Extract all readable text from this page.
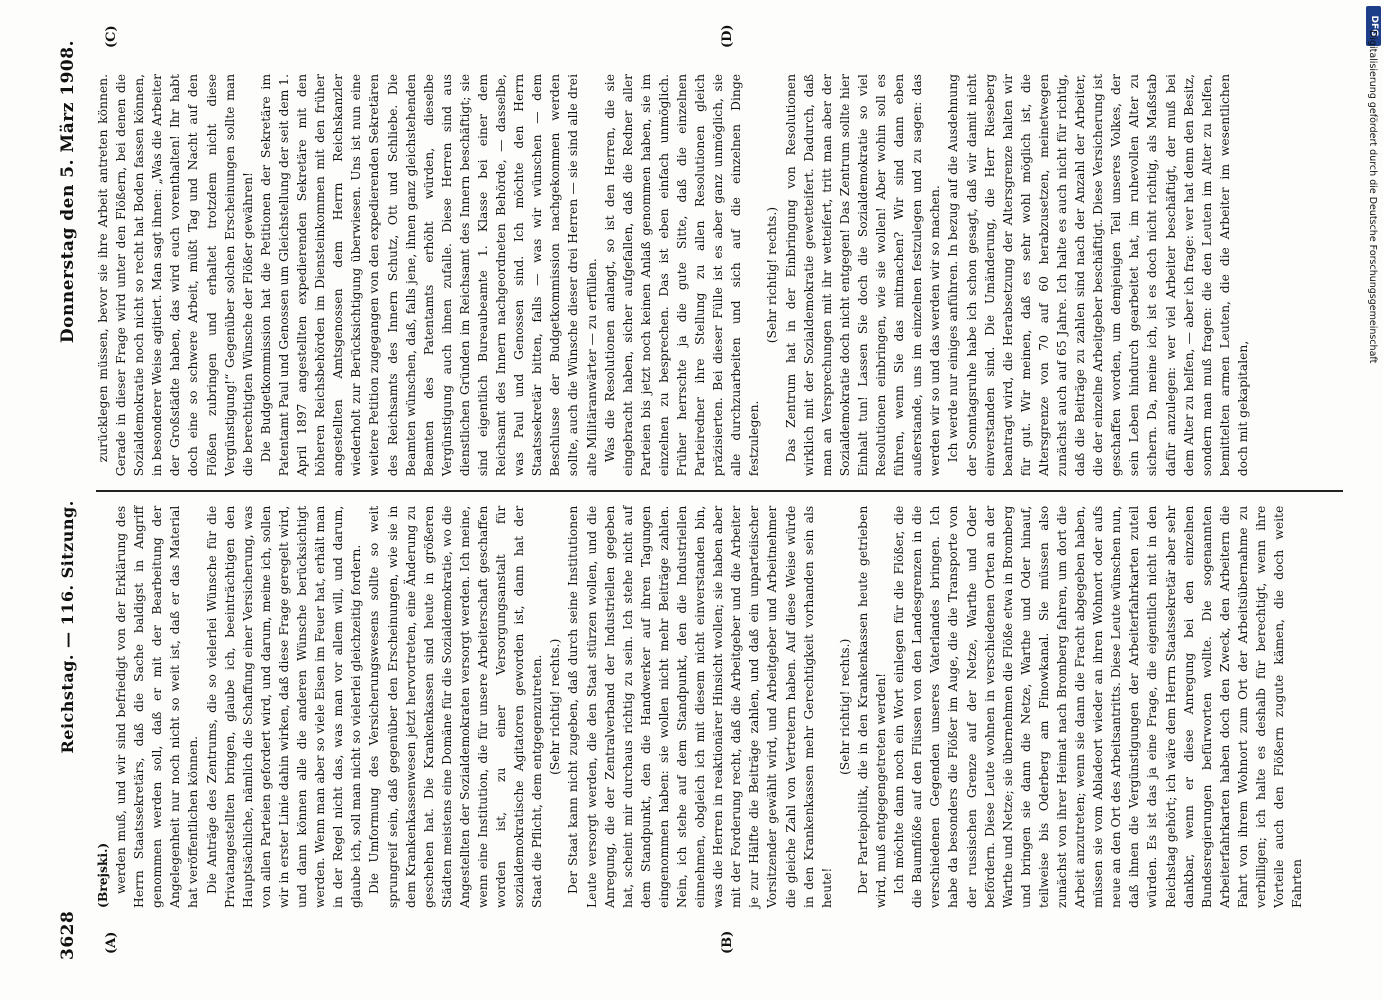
3628
Reichstag. — 116. Sitzung.
Donnerstag den 5. März 1908.
(A)	(B)
(C)	(D)

(Brejski.) werden muß, und wir sind befriedigt von der Erklärung des Herrn Staatssekretärs, daß die Sache baldigst in Angriff genommen werden soll, daß er mit der Bearbeitung der Angelegenheit nur noch nicht so weit ist, daß er das Material hat veröffentlichen können. Die Anträge des Zentrums, die so vielerlei Wünsche für die Privatangestellten bringen, glaube ich, beeinträchtigen den Hauptsächliche, nämlich die Schaffung einer Versicherung, was von allen Parteien gefordert wird, und darum, meine ich, sollen wir in erster Linie dahin wirken, daß diese Frage geregelt wird, und dann können alle die anderen Wünsche berücksichtigt werden. Wenn man aber so viele Eisen im Feuer hat, erhält man in der Regel nicht das, was man vor allem will, und darum, glaube ich, soll man nicht so vielerlei gleichzeitig fordern. Die Umformung des Versicherungswesens sollte so weit sprungreif sein, daß gegenüber den Erscheinungen, wie sie in dem Krankenkassenwesen jetzt hervortreten, eine Änderung zu geschehen hat. Die Krankenkassen sind heute in größeren Städten meistens eine Domäne für die Sozialdemokratie, wo die Angestellten der Sozialdemokraten versorgt werden. Ich meine, wenn eine Institution, die für unsere Arbeiterschaft geschaffen worden ist, zu einer Versorgungsanstalt für sozialdemokratische Agitatoren geworden ist, dann hat der Staat die Pflicht, dem entgegenzutreten. (Sehr richtig! rechts.) Der Staat kann nicht zugeben, daß durch seine Institutionen Leute versorgt werden, die den Staat stürzen wollen, und die Anregung, die der Zentralverband der Industriellen gegeben hat, scheint mir durchaus richtig zu sein. Ich stehe nicht auf dem Standpunkt, den die Handwerker auf ihren Tagungen eingenommen haben: sie wollen nicht mehr Beiträge zahlen. Nein, ich stehe auf dem Standpunkt, den die Industriellen einnehmen, obgleich ich mit diesem nicht einverstanden bin, was die Herren in reaktionärer Hinsicht wollen; sie haben aber mit der Forderung recht, daß die Arbeitgeber und die Arbeiter je zur Hälfte die Beiträge zahlen, und daß ein unparteiischer Vorsitzender gewählt wird, und Arbeitgeber und Arbeitnehmer die gleiche Zahl von Vertretern haben. Auf diese Weise würde in den Krankenkassen mehr Gerechtigkeit vorhanden sein als heute!

(Sehr richtig! rechts.) Der Parteipolitik, die in den Krankenkassen heute getrieben wird, muß entgegengetreten werden! Ich möchte dann noch ein Wort einlegen für die Flößer, die die Baumflöße auf den Flüssen von den Landesgrenzen in die verschiedenen Gegenden unseres Vaterlandes bringen. Ich habe da besonders die Flößer im Auge, die die Transporte von der russischen Grenze auf der Netze, Warthe und Oder befördern. Diese Leute wohnen in verschiedenen Orten an der Warthe und Netze; sie übernehmen die Flöße etwa in Bromberg und bringen sie dann die Netze, Warthe und Oder hinauf, teilweise bis Oderberg am Finowkanal. Sie müssen also zunächst von ihrer Heimat nach Bromberg fahren, um dort die Arbeit anzutreten; wenn sie dann die Fracht abgegeben haben, müssen sie vom Abladeort wieder an ihren Wohnort oder aufs neue an den Ort des Arbeitsantritts. Diese Leute wünschen nun, daß ihnen die Vergünstigungen der Arbeiterfahrkarten zuteil würden. Es ist das ja eine Frage, die eigentlich nicht in den Reichstag gehört; ich wäre dem Herrn Staatssekretär aber sehr dankbar, wenn er diese Anregung bei den einzelnen Bundesregierungen befürworten wollte. Die sogenannten Arbeiterfahrkarten haben doch den Zweck, den Arbeitern die Fahrt von ihrem Wohnort zum Ort der Arbeitsübernahme zu verbilligen; ich halte es deshalb für berechtigt, wenn ihre Vorteile auch den Flößern zugute kämen, die doch weite Fahrten

zurücklegen müssen, bevor sie ihre Arbeit antreten können. Gerade in dieser Frage wird unter den Flößern, bei denen die Sozialdemokratie noch nicht so recht hat Boden fassen können, in besonderer Weise agitiert. Man sagt ihnen: „Was die Arbeiter der Großstädte haben, das wird euch vorenthalten! Ihr habt doch eine so schwere Arbeit, müßt Tag und Nacht auf den Flößen zubringen und erhaltet trotzdem nicht diese Vergünstigung!“ Gegenüber solchen Erscheinungen sollte man die berechtigten Wünsche der Flößer gewähren! Die Budgetkommission hat die Petitionen der Sekretäre im Patentamt Paul und Genossen um Gleichstellung der seit dem 1. April 1897 angestellten expedierenden Sekretäre mit den höheren Reichsbehörden im Diensteinkommen mit den früher angestellten Amtsgenossen dem Herrn Reichskanzler wiederholt zur Berücksichtigung überwiesen. Uns ist nun eine weitere Petition zugegangen von den expedierenden Sekretären des Reichsamts des Innern Schutz, Ott und Schliebe. Die Beamten wünschen, daß, falls jene, ihnen ganz gleichstehenden Beamten des Patentamts erhöht würden, dieselbe Vergünstigung auch ihnen zufalle. Diese Herren sind aus dienstlichen Gründen im Reichsamt des Innern beschäftigt; sie sind eigentlich Bureaubeamte 1. Klasse bei einer dem Reichsamt des Innern nachgeordneten Behörde, — dasselbe, was Paul und Genossen sind. Ich möchte den Herrn Staatssekretär bitten, falls — was wir wünschen — dem Beschlusse der Budgetkommission nachgekommen werden sollte, auch die Wünsche dieser drei Herren — sie sind alle drei alte Militäranwärter — zu erfüllen. Was die Resolutionen anlangt, so ist den Herren, die sie eingebracht haben, sicher aufgefallen, daß die Redner aller Parteien bis jetzt noch keinen Anlaß genommen haben, sie im einzelnen zu besprechen. Das ist eben einfach unmöglich. Früher herrschte ja die gute Sitte, daß die einzelnen Parteiredner ihre Stellung zu allen Resolutionen gleich präzisierten. Bei dieser Fülle ist es aber ganz unmöglich, sie alle durchzuarbeiten und sich auf die einzelnen Dinge festzulegen.

(Sehr richtig! rechts.) Das Zentrum hat in der Einbringung von Resolutionen wirklich mit der Sozialdemokratie gewetteifert. Dadurch, daß man an Versprechungen mit ihr wetteifert, tritt man aber der Sozialdemokratie doch nicht entgegen! Das Zentrum sollte hier Einhalt tun! Lassen Sie doch die Sozialdemokratie so viel Resolutionen einbringen, wie sie wollen! Aber wohin soll es führen, wenn Sie das mitmachen? Wir sind dann eben außerstande, uns im einzelnen festzulegen und zu sagen: das werden wir so und das werden wir so machen. Ich werde nur einiges anführen. In bezug auf die Ausdehnung der Sonntagsruhe habe ich schon gesagt, daß wir damit nicht einverstanden sind. Die Umänderung, die Herr Rieseberg beantragt wird, die Herabsetzung der Altersgrenze halten wir für gut. Wir meinen, daß es sehr wohl möglich ist, die Altersgrenze von 70 auf 60 herabzusetzen, meinetwegen zunächst auch auf 65 Jahre. Ich halte es auch nicht für richtig, daß die Beiträge zu zahlen sind nach der Anzahl der Arbeiter, die der einzelne Arbeitgeber beschäftigt. Diese Versicherung ist geschaffen worden, um demjenigen Teil unseres Volkes, der sein Leben hindurch gearbeitet hat, im ruhevollen Alter zu sichern. Da, meine ich, ist es doch nicht richtig, als Maßstab dafür anzulegen: wer viel Arbeiter beschäftigt, der muß bei dem Alter zu helfen, — aber ich frage: wer hat denn den Besitz, sondern man muß fragen: die den Leuten im Alter zu helfen, bemittelten armen Leuten, die die Arbeiter im wesentlichen doch mit gekapitalen,

DFG
Digitalisierung gefördert durch die Deutsche Forschungsgemeinschaft
